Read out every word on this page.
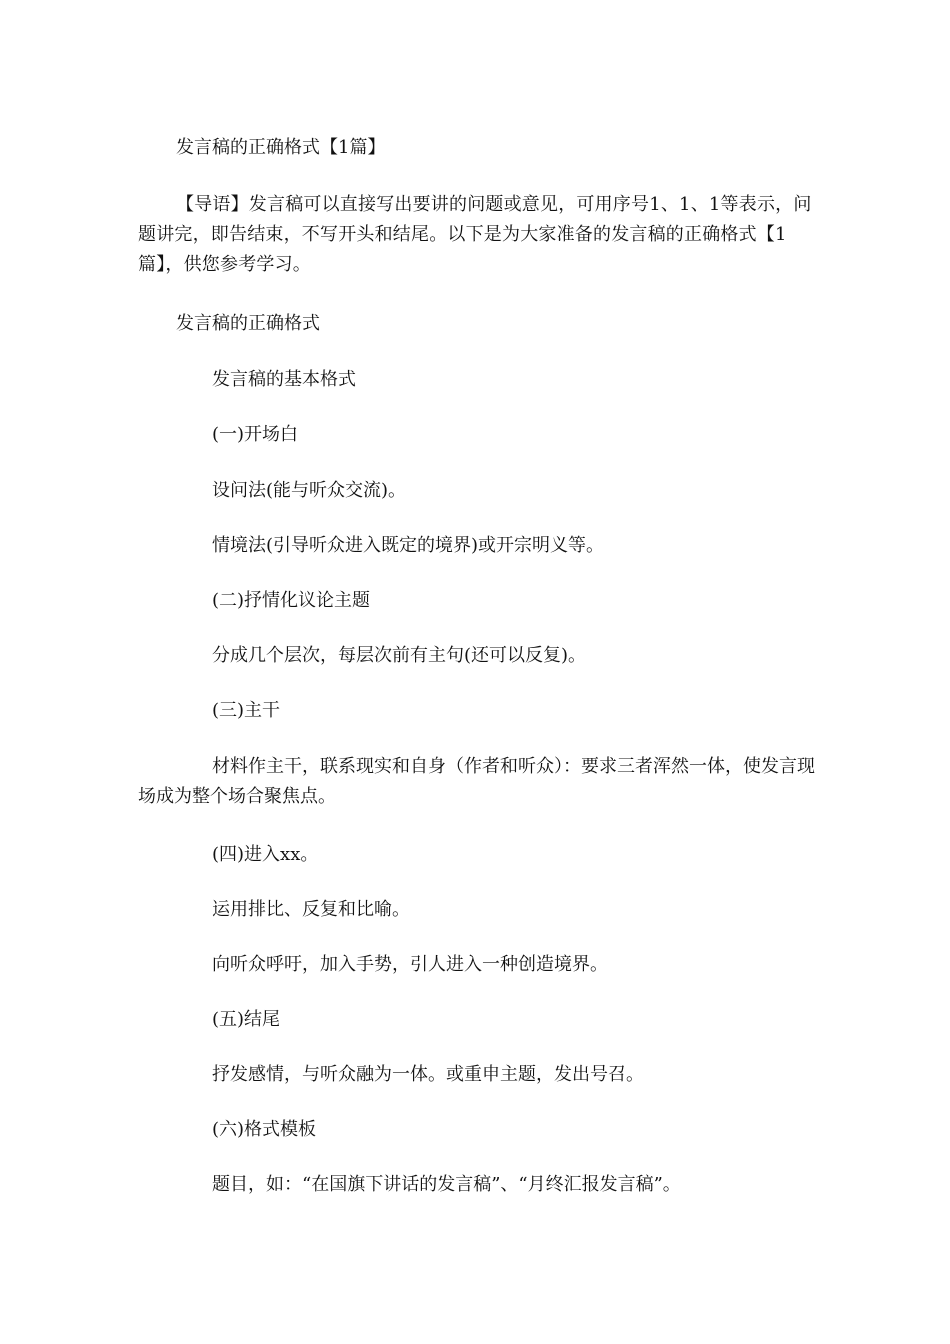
发言稿的正确格式【1篇】

【导语】发言稿可以直接写出要讲的问题或意见，可用序号1、1、1等表示，问题讲完，即告结束，不写开头和结尾。以下是为大家准备的发言稿的正确格式【1篇】，供您参考学习。

发言稿的正确格式

发言稿的基本格式

(一)开场白

设问法(能与听众交流)。

情境法(引导听众进入既定的境界)或开宗明义等。

(二)抒情化议论主题

分成几个层次，每层次前有主句(还可以反复)。

(三)主干

材料作主干，联系现实和自身（作者和听众）：要求三者浑然一体，使发言现场成为整个场合聚焦点。

(四)进入xx。

运用排比、反复和比喻。

向听众呼吁，加入手势，引人进入一种创造境界。

(五)结尾

抒发感情，与听众融为一体。或重申主题，发出号召。

(六)格式模板

题目，如：“在国旗下讲话的发言稿”、“月终汇报发言稿”。
